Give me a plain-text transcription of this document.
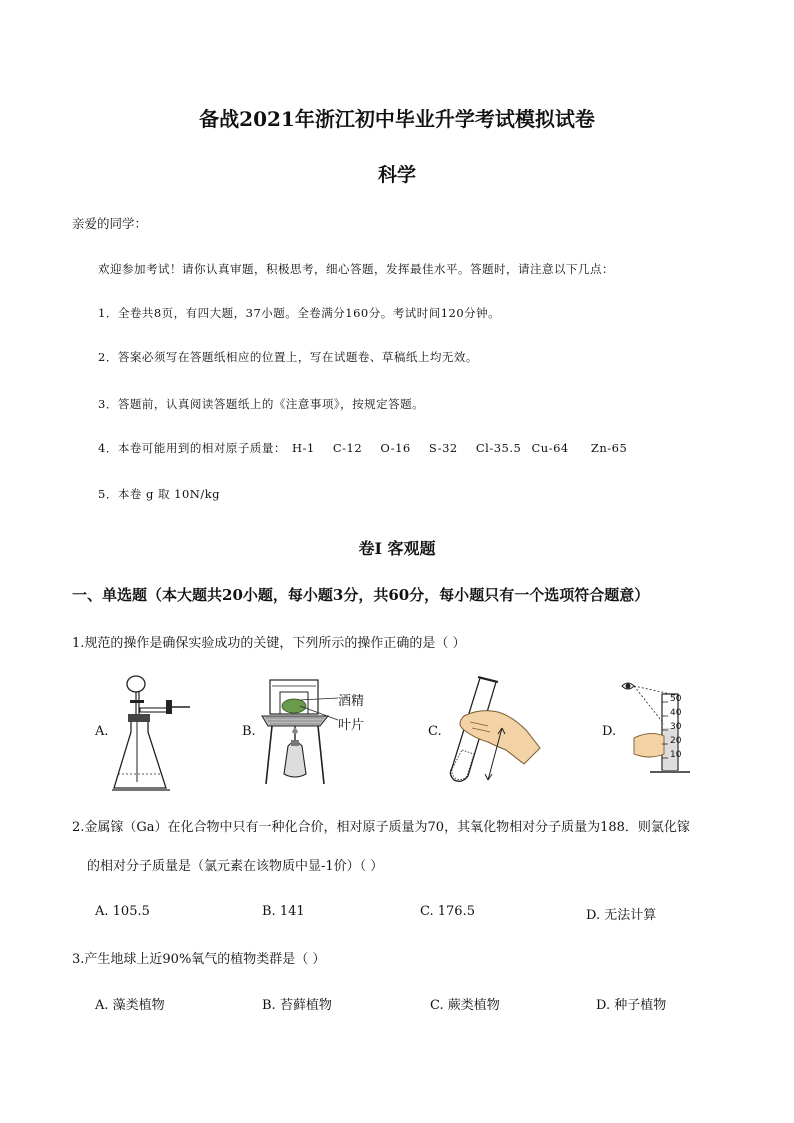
备战2021年浙江初中毕业升学考试模拟试卷
科学
亲爱的同学：
欢迎参加考试！请你认真审题，积极思考，细心答题，发挥最佳水平。答题时，请注意以下几点：
1．全卷共8页，有四大题，37小题。全卷满分160分。考试时间120分钟。
2．答案必须写在答题纸相应的位置上，写在试题卷、草稿纸上均无效。
3．答题前，认真阅读答题纸上的《注意事项》，按规定答题。
4．本卷可能用到的相对原子质量： H-1 C-12 O-16 S-32 Cl-35.5 Cu-64 Zn-65
5．本卷 g 取 10N/kg
卷Ⅰ 客观题
一、单选题（本大题共20小题，每小题3分，共60分，每小题只有一个选项符合题意）
1.规范的操作是确保实验成功的关键，下列所示的操作正确的是（ ）
A.	B.	C.	D.
酒精
叶片
50
40
30
20
10
2.金属镓（Ga）在化合物中只有一种化合价，相对原子质量为70，其氧化物相对分子质量为188．则氯化镓
的相对分子质量是（氯元素在该物质中显-1价）（ ）
A. 105.5	B. 141	C. 176.5	D. 无法计算
3.产生地球上近90%氧气的植物类群是（ ）
A. 藻类植物	B. 苔藓植物	C. 蕨类植物	D. 种子植物
